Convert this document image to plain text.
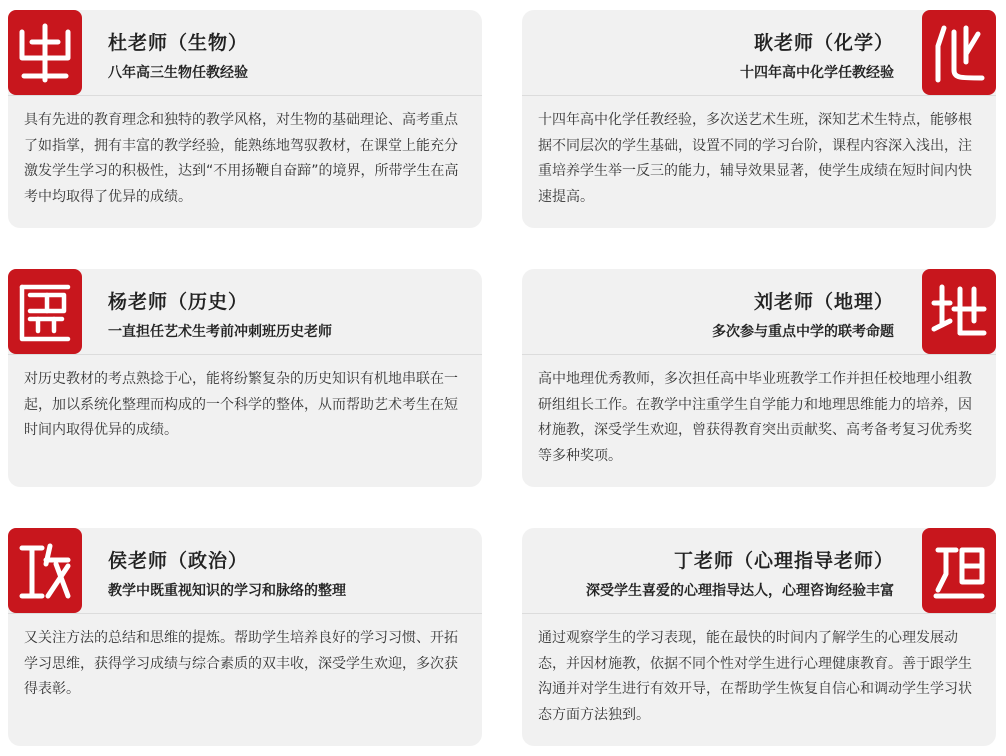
杜老师（生物）
八年高三生物任教经验

具有先进的教育理念和独特的教学风格，对生物的基础理论、高考重点了如指掌，拥有丰富的教学经验，能熟练地驾驭教材，在课堂上能充分激发学生学习的积极性，达到“不用扬鞭自奋蹄”的境界，所带学生在高考中均取得了优异的成绩。

耿老师（化学）
十四年高中化学任教经验

十四年高中化学任教经验，多次送艺术生班，深知艺术生特点，能够根据不同层次的学生基础，设置不同的学习台阶，课程内容深入浅出，注重培养学生举一反三的能力，辅导效果显著，使学生成绩在短时间内快速提高。

杨老师（历史）
一直担任艺术生考前冲刺班历史老师

对历史教材的考点熟捻于心，能将纷繁复杂的历史知识有机地串联在一起，加以系统化整理而构成的一个科学的整体，从而帮助艺术考生在短时间内取得优异的成绩。

刘老师（地理）
多次参与重点中学的联考命题

高中地理优秀教师，多次担任高中毕业班教学工作并担任校地理小组教研组组长工作。在教学中注重学生自学能力和地理思维能力的培养，因材施教，深受学生欢迎，曾获得教育突出贡献奖、高考备考复习优秀奖等多种奖项。

侯老师（政治）
教学中既重视知识的学习和脉络的整理

又关注方法的总结和思维的提炼。帮助学生培养良好的学习习惯、开拓学习思维，获得学习成绩与综合素质的双丰收，深受学生欢迎，多次获得表彰。

丁老师（心理指导老师）
深受学生喜爱的心理指导达人，心理咨询经验丰富

通过观察学生的学习表现，能在最快的时间内了解学生的心理发展动态，并因材施教，依据不同个性对学生进行心理健康教育。善于跟学生沟通并对学生进行有效开导，在帮助学生恢复自信心和调动学生学习状态方面方法独到。
